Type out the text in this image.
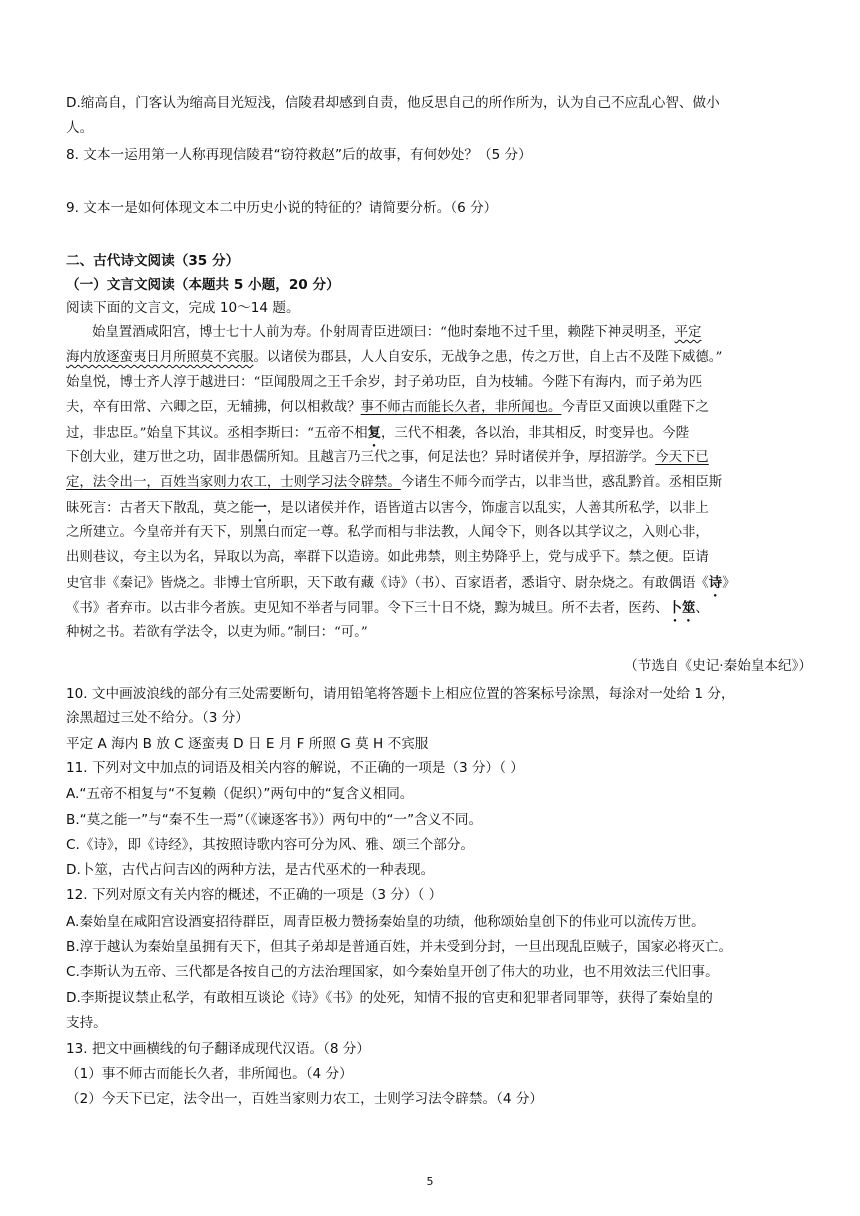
D.缩高自，门客认为缩高目光短浅，信陵君却感到自责，他反思自己的所作所为，认为自己不应乱心智、做小
人。
8. 文本一运用第一人称再现信陵君“窃符救赵”后的故事，有何妙处？（5 分）
9. 文本一是如何体现文本二中历史小说的特征的？请简要分析。（6 分）
二、古代诗文阅读（35 分）
（一）文言文阅读（本题共 5 小题，20 分）
阅读下面的文言文，完成 10～14 题。
始皇置酒咸阳宫，博士七十人前为寿。仆射周青臣进颂曰：“他时秦地不过千里，赖陛下神灵明圣，平定
海内放逐蛮夷日月所照莫不宾服。以诸侯为郡县，人人自安乐，无战争之患，传之万世，自上古不及陛下威德。”
始皇悦，博士齐人淳于越进曰：“臣闻殷周之王千余岁，封子弟功臣，自为枝辅。今陛下有海内，而子弟为匹
夫，卒有田常、六卿之臣，无辅拂，何以相救哉？事不师古而能长久者，非所闻也。今青臣又面谀以重陛下之
过，非忠臣。”始皇下其议。丞相李斯曰：“五帝不相复，三代不相袭，各以治，非其相反，时变异也。今陛
下创大业，建万世之功，固非愚儒所知。且越言乃三代之事，何足法也？异时诸侯并争，厚招游学。今天下已
定，法令出一，百姓当家则力农工，士则学习法令辟禁。今诸生不师今而学古，以非当世，惑乱黔首。丞相臣斯
昧死言：古者天下散乱，莫之能一，是以诸侯并作，语皆道古以害今，饰虚言以乱实，人善其所私学，以非上
之所建立。今皇帝并有天下，别黑白而定一尊。私学而相与非法教，人闻令下，则各以其学议之，入则心非，
出则巷议，夸主以为名，异取以为高，率群下以造谤。如此弗禁，则主势降乎上，党与成乎下。禁之便。臣请
史官非《秦记》皆烧之。非博士官所职，天下敢有藏《诗》（书）、百家语者，悉诣守、尉杂烧之。有敢偶语《诗》
《书》者弃市。以古非今者族。吏见知不举者与同罪。令下三十日不烧，黥为城旦。所不去者，医药、卜筮、
种树之书。若欲有学法令，以吏为师。”制曰：“可。”
（节选自《史记·秦始皇本纪》）
10. 文中画波浪线的部分有三处需要断句，请用铅笔将答题卡上相应位置的答案标号涂黑，每涂对一处给 1 分，
涂黑超过三处不给分。（3 分）
平定 A 海内 B 放 C 逐蛮夷 D 日 E 月 F 所照 G 莫 H 不宾服
11. 下列对文中加点的词语及相关内容的解说，不正确的一项是（3 分）（ ）
A.“五帝不相复与“不复赖（促织）”两句中的“复含义相同。
B.“莫之能一”与“秦不生一焉”（《谏逐客书》）两句中的“一”含义不同。
C.《诗》，即《诗经》，其按照诗歌内容可分为风、雅、颂三个部分。
D.卜筮，古代占问吉凶的两种方法，是古代巫术的一种表现。
12. 下列对原文有关内容的概述，不正确的一项是（3 分）（ ）
A.秦始皇在咸阳宫设酒宴招待群臣，周青臣极力赞扬秦始皇的功绩，他称颂始皇创下的伟业可以流传万世。
B.淳于越认为秦始皇虽拥有天下，但其子弟却是普通百姓，并未受到分封，一旦出现乱臣贼子，国家必将灭亡。
C.李斯认为五帝、三代都是各按自己的方法治理国家，如今秦始皇开创了伟大的功业，也不用效法三代旧事。
D.李斯提议禁止私学，有敢相互谈论《诗》《书》的处死，知情不报的官吏和犯罪者同罪等，获得了秦始皇的
支持。
13. 把文中画横线的句子翻译成现代汉语。（8 分）
（1）事不师古而能长久者，非所闻也。（4 分）
（2）今天下已定，法令出一，百姓当家则力农工，士则学习法令辟禁。（4 分）
5
